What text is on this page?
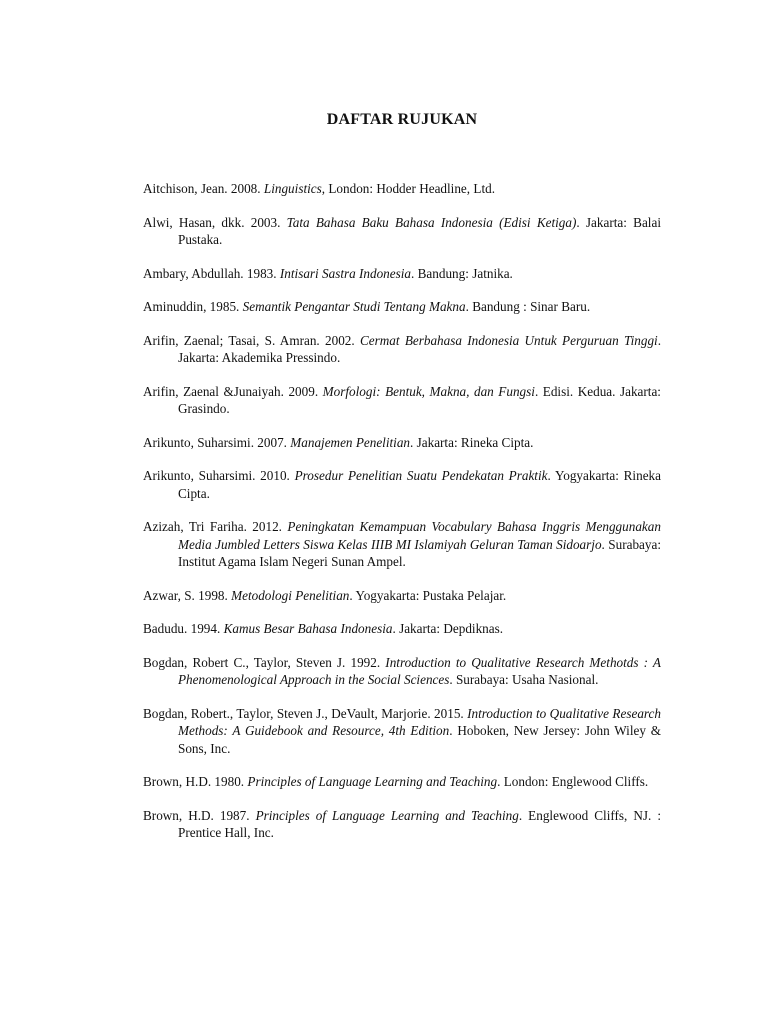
DAFTAR RUJUKAN
Aitchison, Jean. 2008. Linguistics, London: Hodder Headline, Ltd.
Alwi, Hasan, dkk. 2003. Tata Bahasa Baku Bahasa Indonesia (Edisi Ketiga). Jakarta: Balai Pustaka.
Ambary, Abdullah. 1983. Intisari Sastra Indonesia. Bandung: Jatnika.
Aminuddin, 1985. Semantik Pengantar Studi Tentang Makna. Bandung : Sinar Baru.
Arifin, Zaenal; Tasai, S. Amran. 2002. Cermat Berbahasa Indonesia Untuk Perguruan Tinggi. Jakarta: Akademika Pressindo.
Arifin, Zaenal &Junaiyah. 2009. Morfologi: Bentuk, Makna, dan Fungsi. Edisi. Kedua. Jakarta: Grasindo.
Arikunto, Suharsimi. 2007. Manajemen Penelitian. Jakarta: Rineka Cipta.
Arikunto, Suharsimi. 2010. Prosedur Penelitian Suatu Pendekatan Praktik. Yogyakarta: Rineka Cipta.
Azizah, Tri Fariha. 2012. Peningkatan Kemampuan Vocabulary Bahasa Inggris Menggunakan Media Jumbled Letters Siswa Kelas IIIB MI Islamiyah Geluran Taman Sidoarjo. Surabaya: Institut Agama Islam Negeri Sunan Ampel.
Azwar, S. 1998. Metodologi Penelitian. Yogyakarta: Pustaka Pelajar.
Badudu. 1994. Kamus Besar Bahasa Indonesia. Jakarta: Depdiknas.
Bogdan, Robert C., Taylor, Steven J. 1992. Introduction to Qualitative Research Methotds : A Phenomenological Approach in the Social Sciences. Surabaya: Usaha Nasional.
Bogdan, Robert., Taylor, Steven J., DeVault, Marjorie. 2015. Introduction to Qualitative Research Methods: A Guidebook and Resource, 4th Edition. Hoboken, New Jersey: John Wiley & Sons, Inc.
Brown, H.D. 1980. Principles of Language Learning and Teaching. London: Englewood Cliffs.
Brown, H.D. 1987. Principles of Language Learning and Teaching. Englewood Cliffs, NJ. : Prentice Hall, Inc.
